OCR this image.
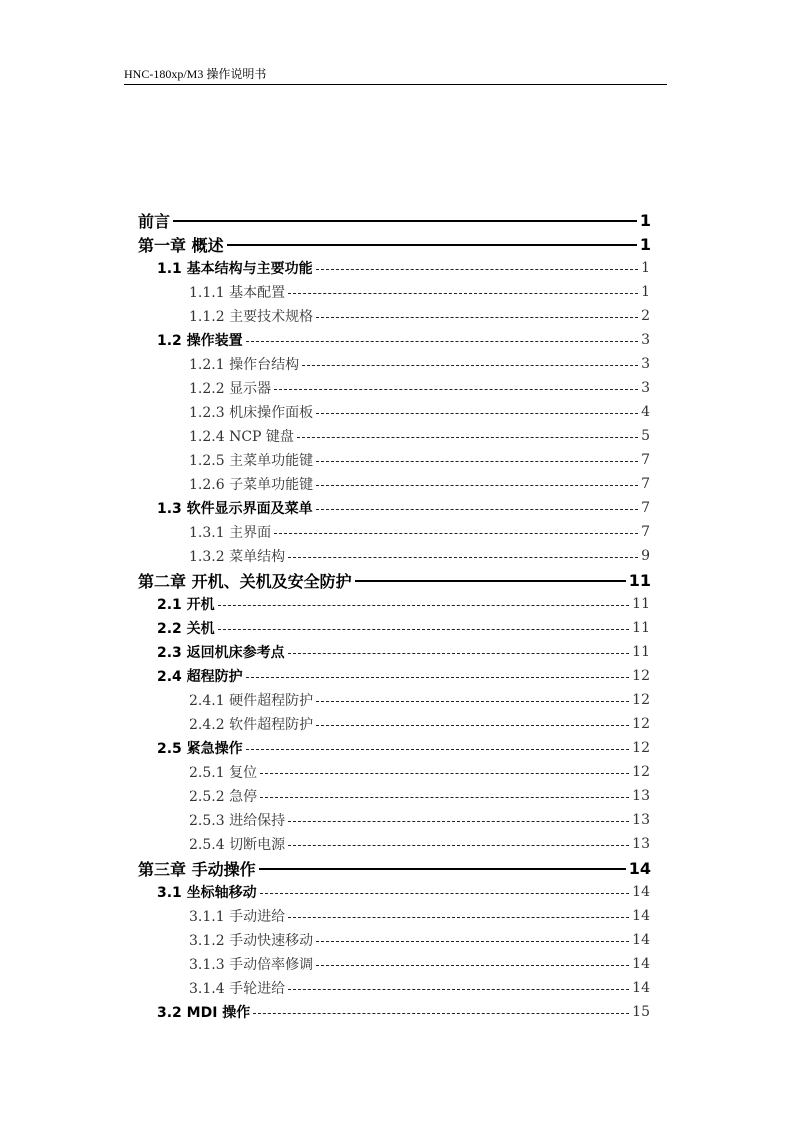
HNC-180xp/M3 操作说明书
前言	1
第一章 概述	1
1.1 基本结构与主要功能	1
1.1.1 基本配置	1
1.1.2 主要技术规格	2
1.2 操作装置	3
1.2.1 操作台结构	3
1.2.2 显示器	3
1.2.3 机床操作面板	4
1.2.4 NCP 键盘	5
1.2.5 主菜单功能键	7
1.2.6 子菜单功能键	7
1.3 软件显示界面及菜单	7
1.3.1 主界面	7
1.3.2 菜单结构	9
第二章 开机、关机及安全防护	11
2.1 开机	11
2.2 关机	11
2.3 返回机床参考点	11
2.4 超程防护	12
2.4.1 硬件超程防护	12
2.4.2 软件超程防护	12
2.5 紧急操作	12
2.5.1 复位	12
2.5.2 急停	13
2.5.3 进给保持	13
2.5.4 切断电源	13
第三章 手动操作	14
3.1 坐标轴移动	14
3.1.1 手动进给	14
3.1.2 手动快速移动	14
3.1.3 手动倍率修调	14
3.1.4 手轮进给	14
3.2 MDI 操作	15
